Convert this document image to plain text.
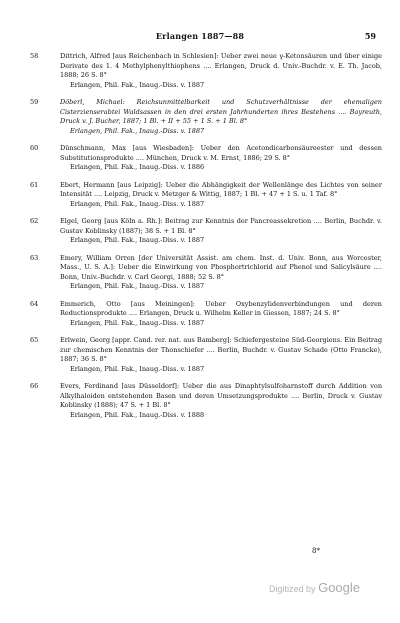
Erlangen 1887—88	59
58	Dittrich, Alfred [aus Reichenbach in Schlesien]: Ueber zwei neue γ-Ketonsäuren und über einige Derivate des 1. 4 Methylphenylthiophens .... Erlangen, Druck d. Univ.-Buchdr. v. E. Th. Jacob, 1888; 26 S. 8°
Erlangen, Phil. Fak., Inaug.-Diss. v. 1887
59	Döberl, Michael: Reichsunmittelbarkeit und Schutzverhältnisse der ehemaligen Cisterzienserabtei Waldsassen in den drei ersten Jahrhunderten ihres Bestehens .... Bayreuth, Druck v. J. Bucher, 1887; 1 Bl. + II + 55 + 1 S. + 1 Bl. 8°
Erlangen, Phil. Fak., Inaug.-Diss. v. 1887
60	Dünschmann, Max [aus Wiesbaden]: Ueber den Acetondicarbonsäureester und dessen Substitutionsprodukte .... München, Druck v. M. Ernst, 1886; 29 S. 8°
Erlangen, Phil. Fak., Inaug.-Diss. v. 1886
61	Ebert, Hermann [aus Leipzig]: Ueber die Abhängigkeit der Wellenlänge des Lichtes von seiner Intensität .... Leipzig, Druck v. Metzger & Wittig, 1887; 1 Bl. + 47 + 1 S. u. 1 Taf. 8°
Erlangen, Phil. Fak., Inaug.-Diss. v. 1887
62	Elgel, Georg [aus Köln a. Rh.]: Beitrag zur Kenntnis der Pancreassekretion .... Berlin, Buchdr. v. Gustav Koblinsky (1887); 38 S. + 1 Bl. 8°
Erlangen, Phil. Fak., Inaug.-Diss. v. 1887
63	Emery, William Orren [der Universität Assist. am chem. Inst. d. Univ. Bonn, aus Worcester, Mass., U. S. A.]: Ueber die Einwirkung von Phosphortrichlorid auf Phenol und Salicylsäure .... Bonn, Univ.-Buchdr. v. Carl Georgi, 1888; 52 S. 8°
Erlangen, Phil. Fak., Inaug.-Diss. v. 1887
64	Emmerich, Otto [aus Meiningen]: Ueber Oxybenzylidenverbindungen und deren Reductionsprodukte .... Erlangen, Druck u. Wilhelm Keller in Giessen, 1887; 24 S. 8°
Erlangen, Phil. Fak., Inaug.-Diss. v. 1887
65	Erlwein, Georg [appr. Cand. rer. nat. aus Bamberg]: Schiefergesteine Süd-Georgiens. Ein Beitrag zur chemischen Kenntnis der Thonschiefer .... Berlin, Buchdr. v. Gustav Schade (Otto Francke), 1887; 36 S. 8°
Erlangen, Phil. Fak., Inaug.-Diss. v. 1887
66	Evers, Ferdinand [aus Düsseldorf]: Ueber die aus Dinaphtylsulfoharnstoff durch Addition von Alkylhaloiden entstehenden Basen und deren Umsetzungsprodukte .... Berlin, Druck v. Gustav Koblinsky (1888); 47 S. + 1 Bl. 8°
Erlangen, Phil. Fak., Inaug.-Diss. v. 1888
8*
Digitized by Google
